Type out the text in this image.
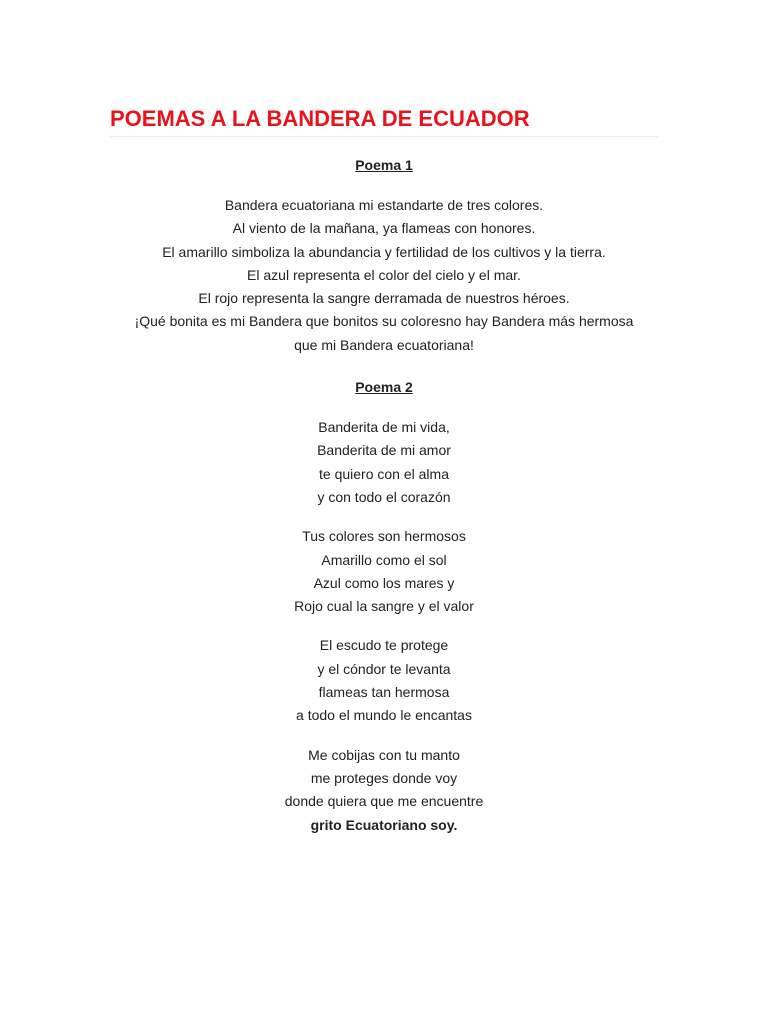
POEMAS A LA BANDERA DE ECUADOR

Poema 1

Bandera ecuatoriana mi estandarte de tres colores.
Al viento de la mañana, ya flameas con honores.
El amarillo simboliza la abundancia y fertilidad de los cultivos y la tierra.
El azul representa el color del cielo y el mar.
El rojo representa la sangre derramada de nuestros héroes.
¡Qué bonita es mi Bandera que bonitos su coloresno hay Bandera más hermosa
que mi Bandera ecuatoriana!

Poema 2

Banderita de mi vida,
Banderita de mi amor
te quiero con el alma
y con todo el corazón

Tus colores son hermosos
Amarillo como el sol
Azul como los mares y
Rojo cual la sangre y el valor

El escudo te protege
y el cóndor te levanta
flameas tan hermosa
a todo el mundo le encantas

Me cobijas con tu manto
me proteges donde voy
donde quiera que me encuentre
grito Ecuatoriano soy.
